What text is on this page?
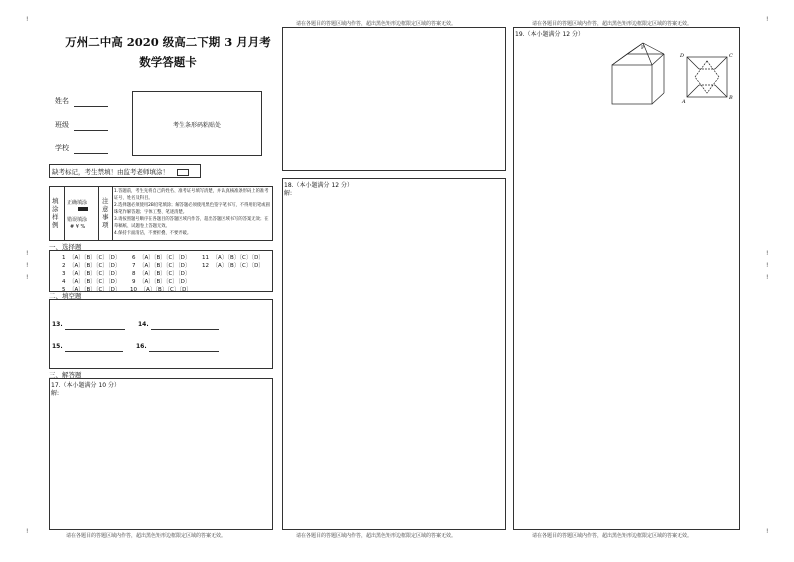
!
!
!
!
!
!
!
!
!
!
请在各题目的答题区域内作答，超出黑色矩形边框限定区域的答案无效。	请在各题目的答题区域内作答，超出黑色矩形边框限定区域的答案无效。
万州二中高 2020 级高二下期 3 月月考
数学答题卡
姓名
班级
学校
考生条形码粘贴处
缺考标记，考生禁填！由监考老师填涂！
填涂样例
正确填涂
错误填涂
# ¥ %
注意事项
1.答题前，考生先将自己的姓名、准考证号填写清楚，并认真核准条形码上的准考证号、姓名及科目。
2.选择题必须使用2B铅笔填涂；解答题必须使用黑色签字笔书写，不得用铅笔或圆珠笔作解答题；字体工整、笔迹清楚。
3.请按照题号顺序在各题目的答题区域内作答，超出答题区域书写的答案无效；在草稿纸、试题卷上答题无效。
4.保持卡面清洁，不要折叠、不要弄破。
一、选择题
1 〔A〕〔B〕〔C〕〔D〕
2 〔A〕〔B〕〔C〕〔D〕
3 〔A〕〔B〕〔C〕〔D〕
4 〔A〕〔B〕〔C〕〔D〕
5 〔A〕〔B〕〔C〕〔D〕
6 〔A〕〔B〕〔C〕〔D〕
7 〔A〕〔B〕〔C〕〔D〕
8 〔A〕〔B〕〔C〕〔D〕
9 〔A〕〔B〕〔C〕〔D〕
10 〔A〕〔B〕〔C〕〔D〕
11 〔A〕〔B〕〔C〕〔D〕
12 〔A〕〔B〕〔C〕〔D〕
二、填空题
13.	14.
15.	16.
三、解答题
17.（本小题满分 10 分）
解:
请在各题目的答题区域内作答，超出黑色矩形边框限定区域的答案无效。
18.（本小题满分 12 分）
解:
请在各题目的答题区域内作答，超出黑色矩形边框限定区域的答案无效。
19.（本小题满分 12 分）
P
D	C
A
B
请在各题目的答题区域内作答，超出黑色矩形边框限定区域的答案无效。
